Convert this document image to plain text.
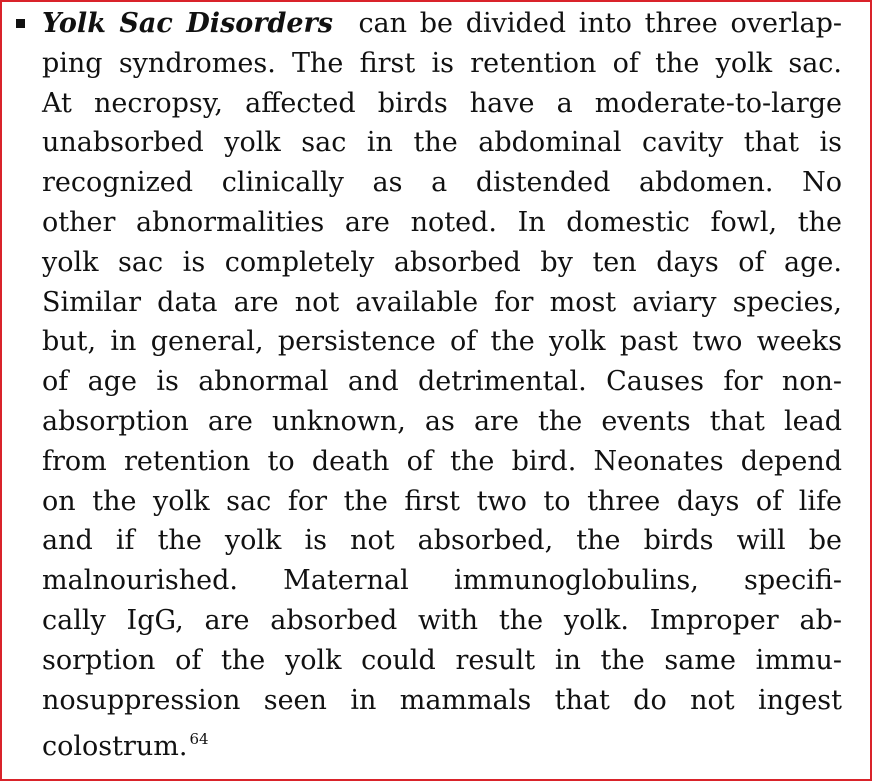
Yolk Sac Disorders can be divided into three overlap-
ping syndromes. The first is retention of the yolk sac.
At necropsy, affected birds have a moderate-to-large
unabsorbed yolk sac in the abdominal cavity that is
recognized clinically as a distended abdomen. No
other abnormalities are noted. In domestic fowl, the
yolk sac is completely absorbed by ten days of age.
Similar data are not available for most aviary species,
but, in general, persistence of the yolk past two weeks
of age is abnormal and detrimental. Causes for non-
absorption are unknown, as are the events that lead
from retention to death of the bird. Neonates depend
on the yolk sac for the first two to three days of life
and if the yolk is not absorbed, the birds will be
malnourished. Maternal immunoglobulins, specifi-
cally IgG, are absorbed with the yolk. Improper ab-
sorption of the yolk could result in the same immu-
nosuppression seen in mammals that do not ingest
colostrum. $^{64}$
